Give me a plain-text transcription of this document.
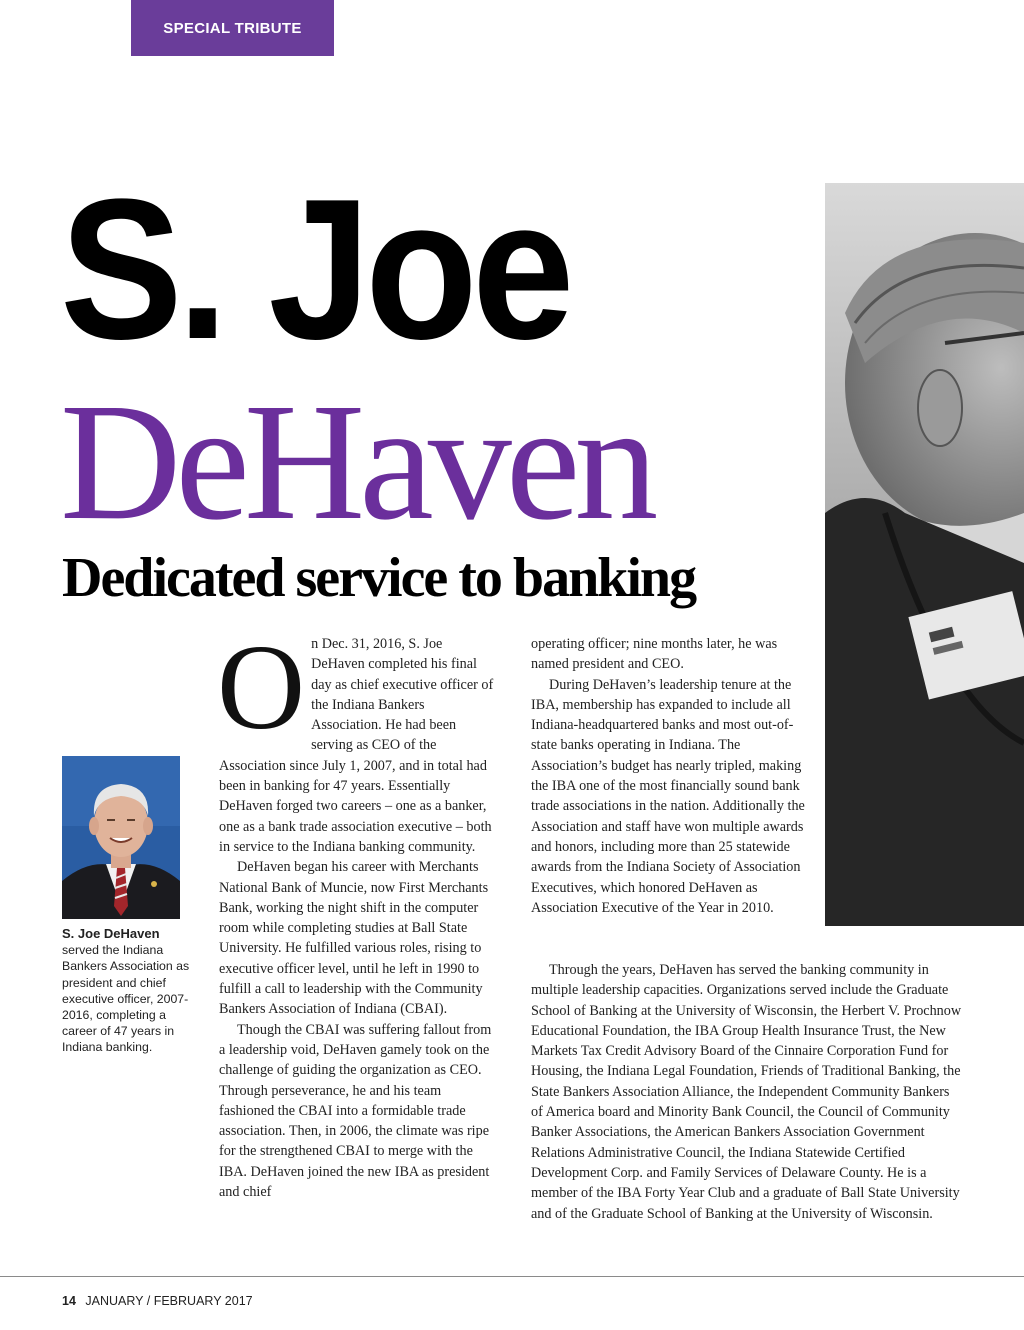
SPECIAL TRIBUTE
S. Joe
DeHaven
Dedicated service to banking
S. Joe DeHaven
served the Indiana Bankers Association as president and chief executive officer, 2007-2016, completing a career of 47 years in Indiana banking.

On Dec. 31, 2016, S. Joe DeHaven completed his final day as chief executive officer of the Indiana Bankers Association. He had been serving as CEO of the Association since July 1, 2007, and in total had been in banking for 47 years. Essentially DeHaven forged two careers – one as a banker, one as a bank trade association executive – both in service to the Indiana banking community.

DeHaven began his career with Merchants National Bank of Muncie, now First Merchants Bank, working the night shift in the computer room while completing studies at Ball State University. He fulfilled various roles, rising to executive officer level, until he left in 1990 to fulfill a call to leadership with the Community Bankers Association of Indiana (CBAI).

Though the CBAI was suffering fallout from a leadership void, DeHaven gamely took on the challenge of guiding the organization as CEO. Through perseverance, he and his team fashioned the CBAI into a formidable trade association. Then, in 2006, the climate was ripe for the strengthened CBAI to merge with the IBA. DeHaven joined the new IBA as president and chief

operating officer; nine months later, he was named president and CEO.

During DeHaven’s leadership tenure at the IBA, membership has expanded to include all Indiana-headquartered banks and most out-of-state banks operating in Indiana. The Association’s budget has nearly tripled, making the IBA one of the most financially sound bank trade associations in the nation. Additionally the Association and staff have won multiple awards and honors, including more than 25 statewide awards from the Indiana Society of Association Executives, which honored DeHaven as Association Executive of the Year in 2010.

Through the years, DeHaven has served the banking community in multiple leadership capacities. Organizations served include the Graduate School of Banking at the University of Wisconsin, the Herbert V. Prochnow Educational Foundation, the IBA Group Health Insurance Trust, the New Markets Tax Credit Advisory Board of the Cinnaire Corporation Fund for Housing, the Indiana Legal Foundation, Friends of Traditional Banking, the State Bankers Association Alliance, the Independent Community Bankers of America board and Minority Bank Council, the Council of Community Banker Associations, the American Bankers Association Government Relations Administrative Council, the Indiana Statewide Certified Development Corp. and Family Services of Delaware County. He is a member of the IBA Forty Year Club and a graduate of Ball State University and of the Graduate School of Banking at the University of Wisconsin.

14 JANUARY / FEBRUARY 2017
